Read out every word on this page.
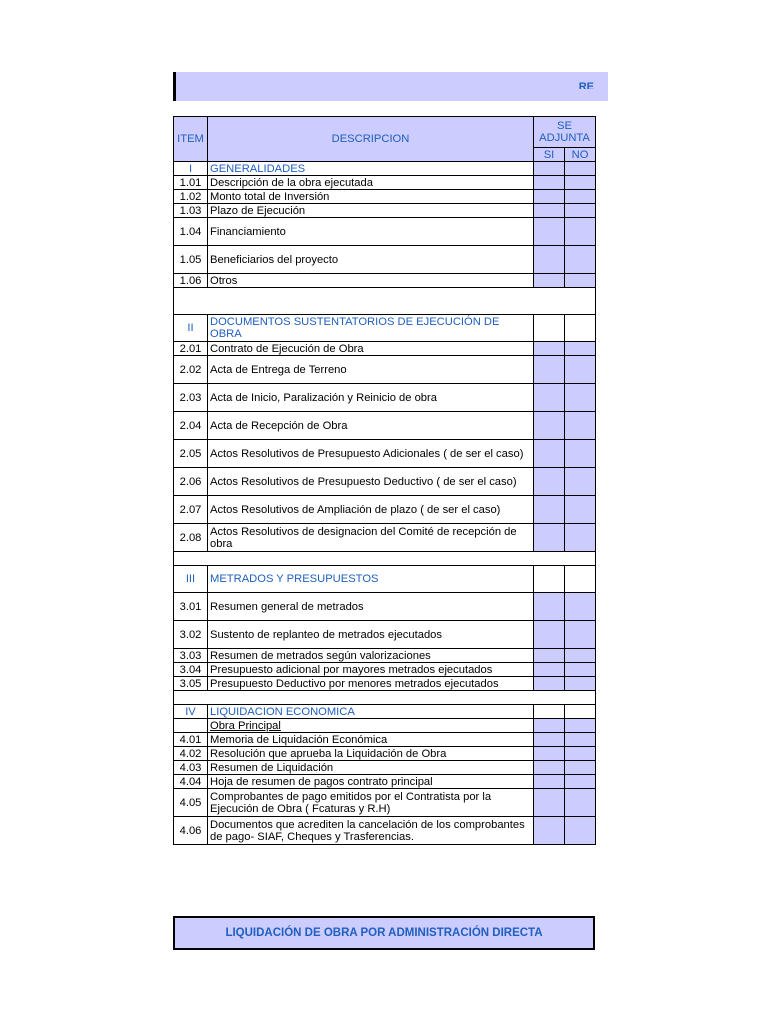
RE
ITEM	DESCRIPCION	SE ADJUNTA	
		SI	NO
I	GENERALIDADES		
1.01	Descripción de la obra ejecutada		
1.02	Monto total de Inversión		
1.03	Plazo de Ejecución		
1.04	Financiamiento		
1.05	Beneficiarios del proyecto		
1.06	Otros		

II	DOCUMENTOS SUSTENTATORIOS DE EJECUCIÓN DE OBRA		
2.01	Contrato de Ejecución de Obra		
2.02	Acta de Entrega de Terreno		
2.03	Acta de Inicio, Paralización y Reinicio de obra		
2.04	Acta de Recepción de Obra		
2.05	Actos Resolutivos de Presupuesto Adicionales ( de ser el caso)		
2.06	Actos Resolutivos de Presupuesto Deductivo ( de ser el caso)		
2.07	Actos Resolutivos de Ampliación de plazo ( de ser el caso)		
2.08	Actos Resolutivos de designacion del Comité de recepción de obra		

III	METRADOS Y PRESUPUESTOS		
3.01	Resumen general de metrados		
3.02	Sustento de replanteo de metrados ejecutados		
3.03	Resumen de metrados según valorizaciones		
3.04	Presupuesto adicional por mayores metrados ejecutados		
3.05	Presupuesto Deductivo por menores metrados ejecutados		

IV	LIQUIDACION ECONOMICA		
	Obra Principal		
4.01	Memoria de Liquidación Económica		
4.02	Resolución que aprueba la Liquidación de Obra		
4.03	Resumen de Liquidación		
4.04	Hoja de resumen de pagos contrato principal		
4.05	Comprobantes de pago emitidos por el Contratista por la Ejecución de Obra ( Fcaturas y R.H)		
4.06	Documentos que acrediten la cancelación de los comprobantes de pago- SIAF, Cheques y Trasferencias.		
LIQUIDACIÓN DE OBRA POR ADMINISTRACIÓN DIRECTA
